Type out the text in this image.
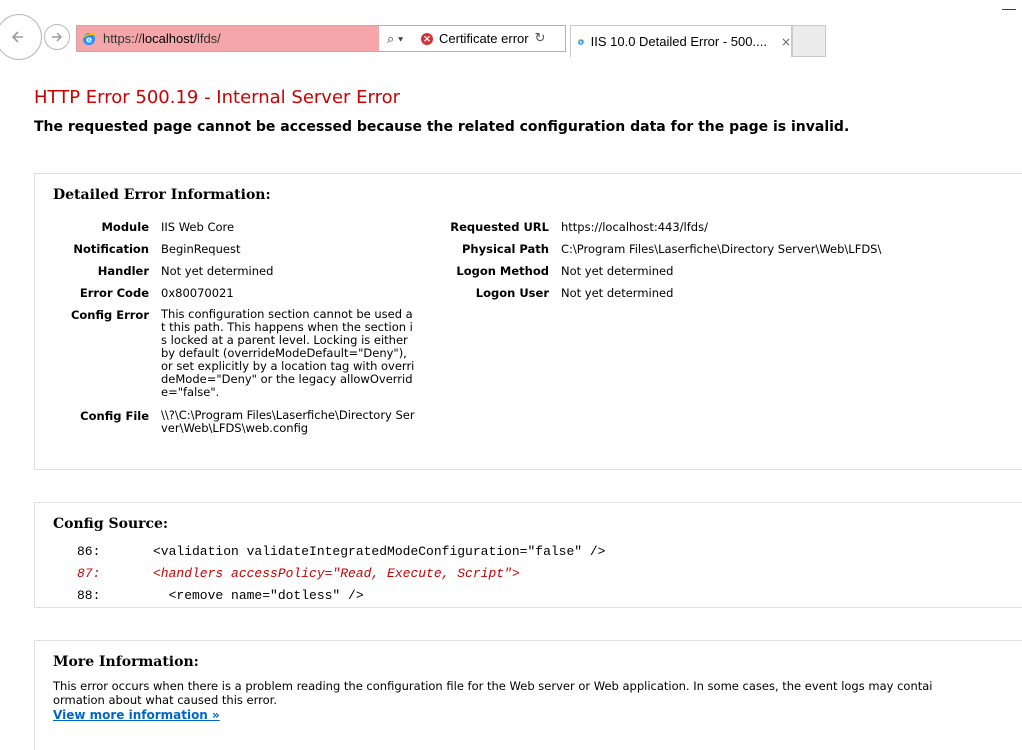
e https://localhost/lfds/	⌕ ▾	✕ Certificate error ↻	e IIS 10.0 Detailed Error - 500.... ×
—
HTTP Error 500.19 - Internal Server Error
The requested page cannot be accessed because the related configuration data for the page is invalid.
Detailed Error Information:
Module	IIS Web Core
Notification	BeginRequest
Handler	Not yet determined
Error Code	0x80070021
Config Error	This configuration section cannot be used at this path. This happens when the section is locked at a parent level. Locking is either by default (overrideModeDefault="Deny"), or set explicitly by a location tag with overrideMode="Deny" or the legacy allowOverride="false".
Config File	\\?\C:\Program Files\Laserfiche\Directory Server\Web\LFDS\web.config
Requested URL	https://localhost:443/lfds/
Physical Path	C:\Program Files\Laserfiche\Directory Server\Web\LFDS\
Logon Method	Not yet determined
Logon User	Not yet determined
Config Source:
86:	<validation validateIntegratedModeConfiguration="false" />
87:	<handlers accessPolicy="Read, Execute, Script">
88:	<remove name="dotless" />
More Information:
This error occurs when there is a problem reading the configuration file for the Web server or Web application. In some cases, the event logs may contai
ormation about what caused this error.
View more information »
